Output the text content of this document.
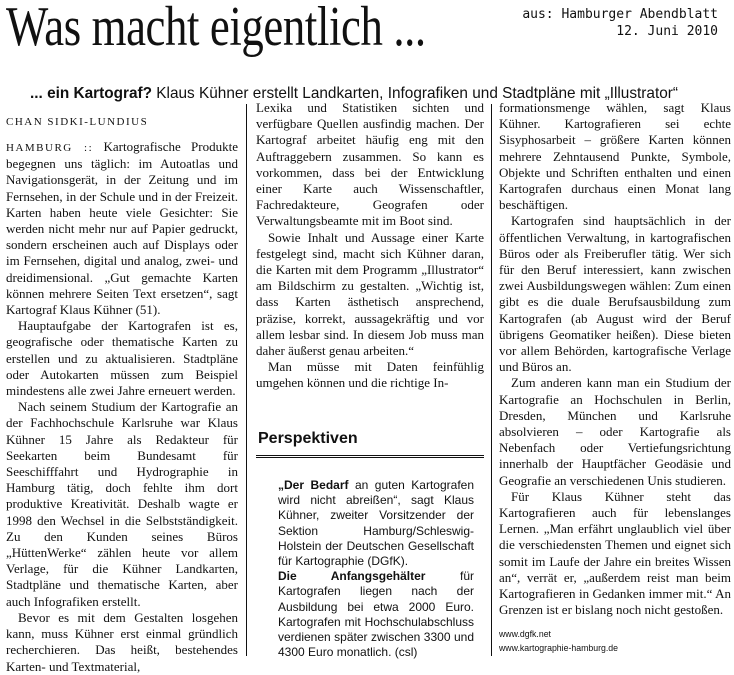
Was macht eigentlich ...	aus: Hamburger Abendblatt
12. Juni 2010
... ein Kartograf? Klaus Kühner erstellt Landkarten, Infografiken und Stadtpläne mit „Illustrator“
CHAN SIDKI-LUNDIUS

HAMBURG :: Kartografische Produkte begegnen uns täglich: im Autoatlas und Navigationsgerät, in der Zeitung und im Fernsehen, in der Schule und in der Freizeit. Karten haben heute viele Gesichter: Sie werden nicht mehr nur auf Papier gedruckt, sondern erscheinen auch auf Displays oder im Fernsehen, digital und analog, zwei- und dreidimensional. „Gut gemachte Karten können mehrere Seiten Text ersetzen“, sagt Kartograf Klaus Kühner (51).

Hauptaufgabe der Kartografen ist es, geografische oder thematische Karten zu erstellen und zu aktualisieren. Stadtpläne oder Autokarten müssen zum Beispiel mindestens alle zwei Jahre erneuert werden.

Nach seinem Studium der Kartografie an der Fachhochschule Karlsruhe war Klaus Kühner 15 Jahre als Redakteur für Seekarten beim Bundesamt für Seeschifffahrt und Hydrographie in Hamburg tätig, doch fehlte ihm dort produktive Kreativität. Deshalb wagte er 1998 den Wechsel in die Selbstständigkeit. Zu den Kunden seines Büros „HüttenWerke“ zählen heute vor allem Verlage, für die Kühner Landkarten, Stadtpläne und thematische Karten, aber auch Infografiken erstellt.

Bevor es mit dem Gestalten losgehen kann, muss Kühner erst einmal gründlich recherchieren. Das heißt, bestehendes Karten- und Textmaterial,

Lexika und Statistiken sichten und verfügbare Quellen ausfindig machen. Der Kartograf arbeitet häufig eng mit den Auftraggebern zusammen. So kann es vorkommen, dass bei der Entwicklung einer Karte auch Wissenschaftler, Fachredakteure, Geografen oder Verwaltungsbeamte mit im Boot sind.

Sowie Inhalt und Aussage einer Karte festgelegt sind, macht sich Kühner daran, die Karten mit dem Programm „Illustrator“ am Bildschirm zu gestalten. „Wichtig ist, dass Karten ästhetisch ansprechend, präzise, korrekt, aussagekräftig und vor allem lesbar sind. In diesem Job muss man daher äußerst genau arbeiten.“

Man müsse mit Daten feinfühlig umgehen können und die richtige In-

Perspektiven

„Der Bedarf an guten Kartografen wird nicht abreißen“, sagt Klaus Kühner, zweiter Vorsitzender der Sektion Hamburg/Schleswig-Holstein der Deutschen Gesellschaft für Kartographie (DGfK).

Die Anfangsgehälter für Kartografen liegen nach der Ausbildung bei etwa 2000 Euro. Kartografen mit Hochschulabschluss verdienen später zwischen 3300 und 4300 Euro monatlich. (csl)

formationsmenge wählen, sagt Klaus Kühner. Kartografieren sei echte Sisyphosarbeit – größere Karten können mehrere Zehntausend Punkte, Symbole, Objekte und Schriften enthalten und einen Kartografen durchaus einen Monat lang beschäftigen.

Kartografen sind hauptsächlich in der öffentlichen Verwaltung, in kartografischen Büros oder als Freiberufler tätig. Wer sich für den Beruf interessiert, kann zwischen zwei Ausbildungswegen wählen: Zum einen gibt es die duale Berufsausbildung zum Kartografen (ab August wird der Beruf übrigens Geomatiker heißen). Diese bieten vor allem Behörden, kartografische Verlage und Büros an.

Zum anderen kann man ein Studium der Kartografie an Hochschulen in Berlin, Dresden, München und Karlsruhe absolvieren – oder Kartografie als Nebenfach oder Vertiefungsrichtung innerhalb der Hauptfächer Geodäsie und Geografie an verschiedenen Unis studieren.

Für Klaus Kühner steht das Kartografieren auch für lebenslanges Lernen. „Man erfährt unglaublich viel über die verschiedensten Themen und eignet sich somit im Laufe der Jahre ein breites Wissen an“, verrät er, „außerdem reist man beim Kartografieren in Gedanken immer mit.“ An Grenzen ist er bislang noch nicht gestoßen.

www.dgfk.net
www.kartographie-hamburg.de
